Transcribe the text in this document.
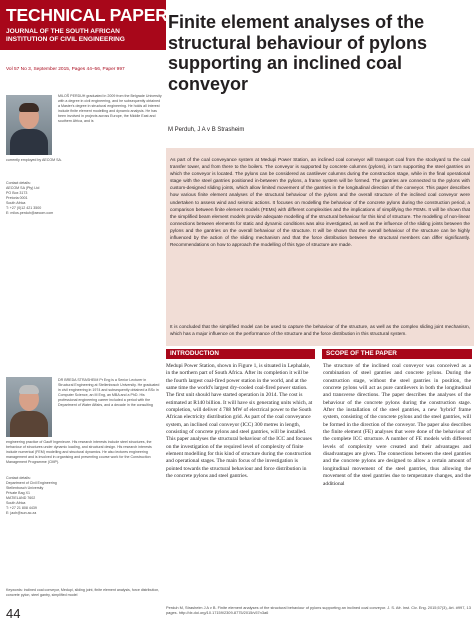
TECHNICAL PAPER
JOURNAL OF THE SOUTH AFRICAN INSTITUTION OF CIVIL ENGINEERING
Vol 57 No 3, September 2015, Pages 44–56, Paper 997
MILOŠ PERDUH graduated in 2009 from the Belgrade University with a degree in civil engineering, and he subsequently obtained a Master's degree in structural engineering. He holds all interest include finite element modelling and dynamic analysis. He has been involved in projects across Europe, the Middle East and southern Africa, and is
currently employed by AECOM SA.
Contact details:
AECOM SA (Pty) Ltd
PO Box 3173
Pretoria 0001
South Africa
T: +27 (0)12 421 3500
E: milos.perduh@aecom.com
DR BREDA STRASHEIM Pr Eng is a Senior Lecturer in Structural Engineering at Stellenbosch University. He graduated in civil engineering in 1974 and subsequently obtained a BSc in Computer Science, an M Eng, an MBA and a PhD. His professional engineering career included a period with the Department of Water Affairs, and a decade in the consulting
engineering practice of Gauff Ingenieure. His research interests include steel structures, the behaviour of structures under dynamic loading, and structural design. His research interests include numerical (FEM) modelling and structural dynamics. He also lectures engineering management and is involved in organising and presenting course work for the Construction Management Programme (CMP).
Contact details:
Department of Civil Engineering
Stellenbosch University
Private Bag X1
MATIELAND 7602
South Africa
T: +27 21 808 4439
E: jaoh@sun.ac.za
Keywords: inclined coal conveyor, Medupi, sliding joint, finite element analysis, force distribution, concrete pylon, steel gantry, simplified model
44
Finite element analyses of the structural behaviour of pylons supporting an inclined coal conveyor
M Perduh, J A v B Strasheim

As part of the coal conveyance system at Medupi Power Station, an inclined coal conveyor will transport coal from the stockyard to the coal transfer tower, and from there to the boilers. The conveyor is supported by concrete columns (pylons), in turn supporting the steel gantries on which the conveyor is located. The pylons can be considered as cantilever columns during the construction stage, while in the final operational stage with the steel gantries positioned in-between the pylons, a frame system will be formed. The gantries are connected to the pylons with custom-designed sliding joints, which allow limited movement of the gantries in the longitudinal direction of the conveyor. This paper describes how various finite element analyses of the structural behaviour of the pylons and the overall structure of the inclined coal conveyor were undertaken to assess wind and seismic actions. It focuses on modelling the behaviour of the concrete pylons during the construction period, a comparison between finite element models (FEMs) with different complexities and the implications of simplifying the FEMs. It will be shown that the simplified beam element models provide adequate modelling of the structural behaviour for this kind of structure. The modelling of non-linear connections between elements for static and dynamic conditions was also investigated, as well as the influence of the sliding joints between the pylons and the gantries on the overall behaviour of the structure. It will be shown that the overall behaviour of the structure can be highly influenced by the action of the sliding mechanism and that the force distribution between the structural members can differ significantly. Recommendations on how to approach the modelling of this type of structure are made.

It is concluded that the simplified model can be used to capture the behaviour of the structure, as well as the complex sliding joint mechanism, which has a major influence on the performance of the structure and the force distribution in this structural system.

INTRODUCTION	SCOPE OF THE PAPER

Medupi Power Station, shown in Figure 1, is situated in Lephalale, in the northern part of South Africa. After its completion it will be the fourth largest coal-fired power station in the world, and at the same time the world's largest dry-cooled coal-fired power station. The first unit should have started operation in 2014. The cost is estimated at R140 billion. It will have six generating units which, at completion, will deliver 4 788 MW of electrical power to the South African electricity distribution grid. As part of the coal conveyance system, an inclined coal conveyor (ICC) 300 metres in length, consisting of concrete pylons and steel gantries, will be installed. This paper analyses the structural behaviour of the ICC and focuses on the investigation of the required level of complexity of finite element modelling for this kind of structure during the construction and operational stages. The main focus of the investigation is pointed towards the structural behaviour and force distribution in the concrete pylons and steel gantries.

The structure of the inclined coal conveyor was conceived as a combination of steel gantries and concrete pylons. During the construction stage, without the steel gantries in position, the concrete pylons will act as pure cantilevers in both the longitudinal and transverse directions. The paper describes the analyses of the behaviour of the concrete pylons during the construction stage. After the installation of the steel gantries, a new 'hybrid' frame system, consisting of the concrete pylons and the steel gantries, will be formed in the direction of the conveyor. The paper also describes the finite element (FE) analyses that were done of the behaviour of the complete ICC structure. A number of FE models with different levels of complexity were created and their advantages and disadvantages are given. The connections between the steel gantries and the concrete pylons are designed to allow a certain amount of longitudinal movement of the steel gantries, thus allowing the movement of the steel gantries due to temperature changes, and the additional

Perduh M, Strasheim J A v B. Finite element analyses of the structural behaviour of pylons supporting an inclined coal conveyor. J. S. Afr. Inst. Civ. Eng. 2015;57(3), Art. #997, 13 pages. http://dx.doi.org/10.17159/2309-8775/2015/v57n3a6
